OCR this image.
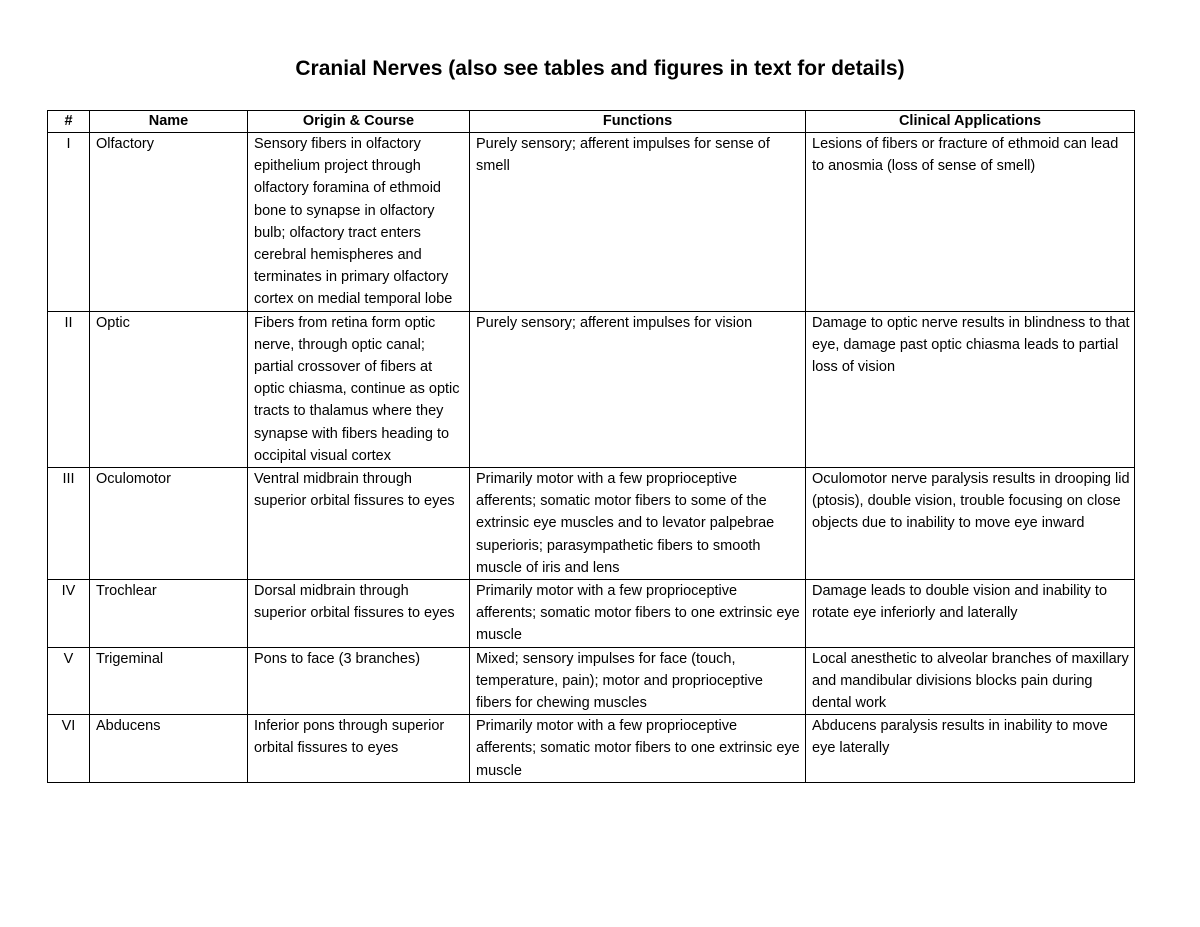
Cranial Nerves (also see tables and figures in text for details)
#	Name	Origin & Course	Functions	Clinical Applications
I	Olfactory	Sensory fibers in olfactory epithelium project through olfactory foramina of ethmoid bone to synapse in olfactory bulb; olfactory tract enters cerebral hemispheres and terminates in primary olfactory cortex on medial temporal lobe	Purely sensory; afferent impulses for sense of smell	Lesions of fibers or fracture of ethmoid can lead to anosmia (loss of sense of smell)
II	Optic	Fibers from retina form optic nerve, through optic canal; partial crossover of fibers at optic chiasma, continue as optic tracts to thalamus where they synapse with fibers heading to occipital visual cortex	Purely sensory; afferent impulses for vision	Damage to optic nerve results in blindness to that eye, damage past optic chiasma leads to partial loss of vision
III	Oculomotor	Ventral midbrain through superior orbital fissures to eyes	Primarily motor with a few proprioceptive afferents; somatic motor fibers to some of the extrinsic eye muscles and to levator palpebrae superioris; parasympathetic fibers to smooth muscle of iris and lens	Oculomotor nerve paralysis results in drooping lid (ptosis), double vision, trouble focusing on close objects due to inability to move eye inward
IV	Trochlear	Dorsal midbrain through superior orbital fissures to eyes	Primarily motor with a few proprioceptive afferents; somatic motor fibers to one extrinsic eye muscle	Damage leads to double vision and inability to rotate eye inferiorly and laterally
V	Trigeminal	Pons to face (3 branches)	Mixed; sensory impulses for face (touch, temperature, pain); motor and proprioceptive fibers for chewing muscles	Local anesthetic to alveolar branches of maxillary and mandibular divisions blocks pain during dental work
VI	Abducens	Inferior pons through superior orbital fissures to eyes	Primarily motor with a few proprioceptive afferents; somatic motor fibers to one extrinsic eye muscle	Abducens paralysis results in inability to move eye laterally
